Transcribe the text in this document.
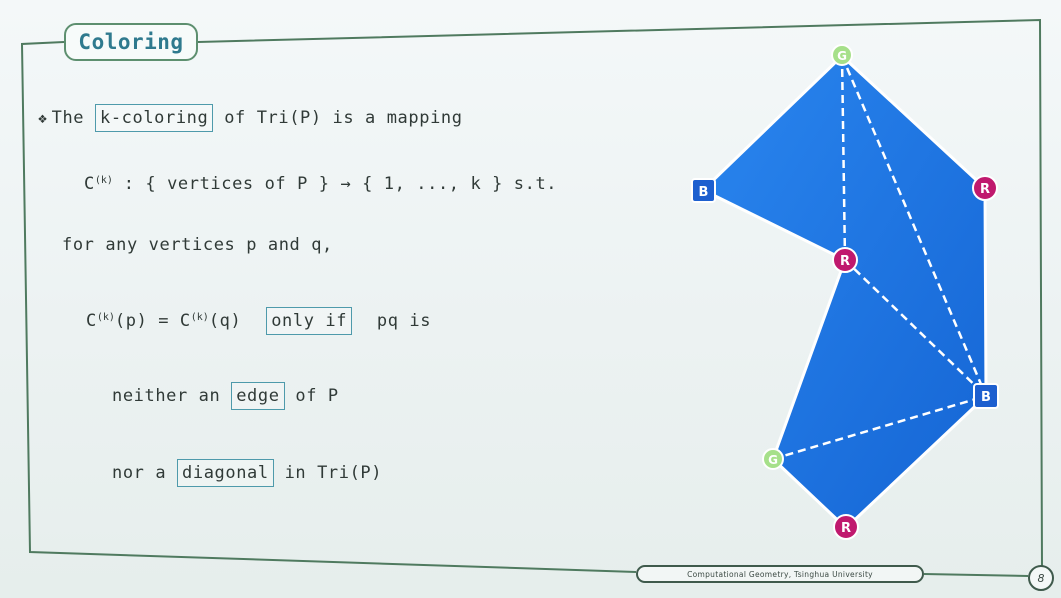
Coloring
❖ The k-coloring of Tri(P) is a mapping
$C^{(k)}$ : { vertices of P } → { 1, ..., k } s.t.
for any vertices p and q,
$C^{(k)}(p) = C^{(k)}(q)$ only if pq is
neither an edge of P
nor a diagonal in Tri(P)
G
B	R
R
B
G
R
Computational Geometry, Tsinghua University	8
